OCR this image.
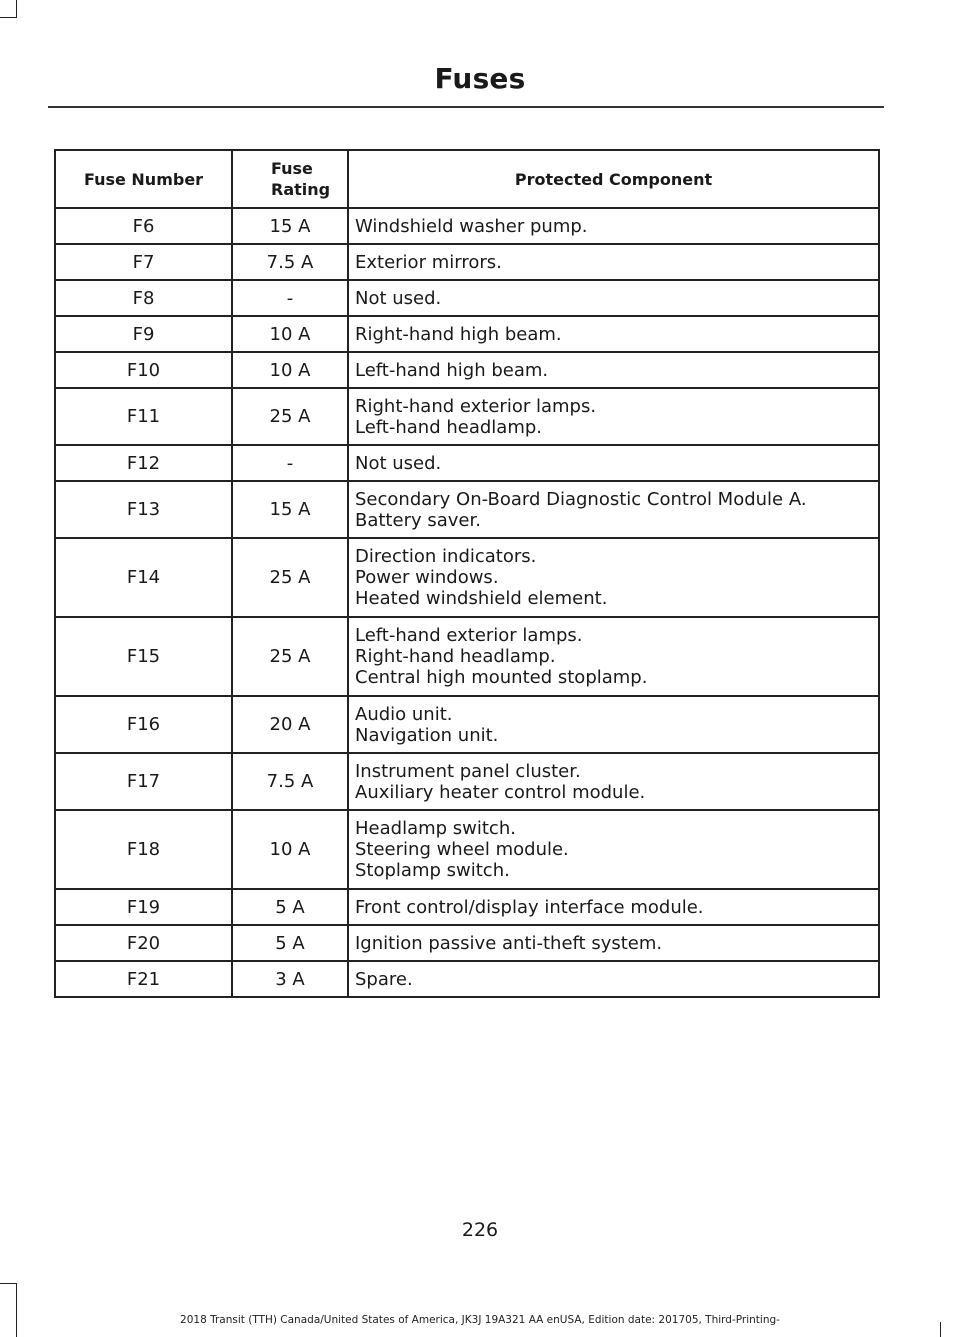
Fuses
Fuse Number	Fuse Rating	Protected Component
F6	15 A	Windshield washer pump.

F7	7.5 A	Exterior mirrors.

F8	-	Not used.

F9	10 A	Right-hand high beam.

F10	10 A	Left-hand high beam.

F11	25 A	Right-hand exterior lamps.
Left-hand headlamp.

F12	-	Not used.

F13	15 A	Secondary On-Board Diagnostic Control Module A.
Battery saver.

F14	25 A	Direction indicators.
Power windows.
Heated windshield element.

F15	25 A	Left-hand exterior lamps.
Right-hand headlamp.
Central high mounted stoplamp.

F16	20 A	Audio unit.
Navigation unit.

F17	7.5 A	Instrument panel cluster.
Auxiliary heater control module.

F18	10 A	Headlamp switch.
Steering wheel module.
Stoplamp switch.

F19	5 A	Front control/display interface module.

F20	5 A	Ignition passive anti-theft system.

F21	3 A	Spare.
226
2018 Transit (TTH) Canada/United States of America, JK3J 19A321 AA enUSA, Edition date: 201705, Third-Printing-
